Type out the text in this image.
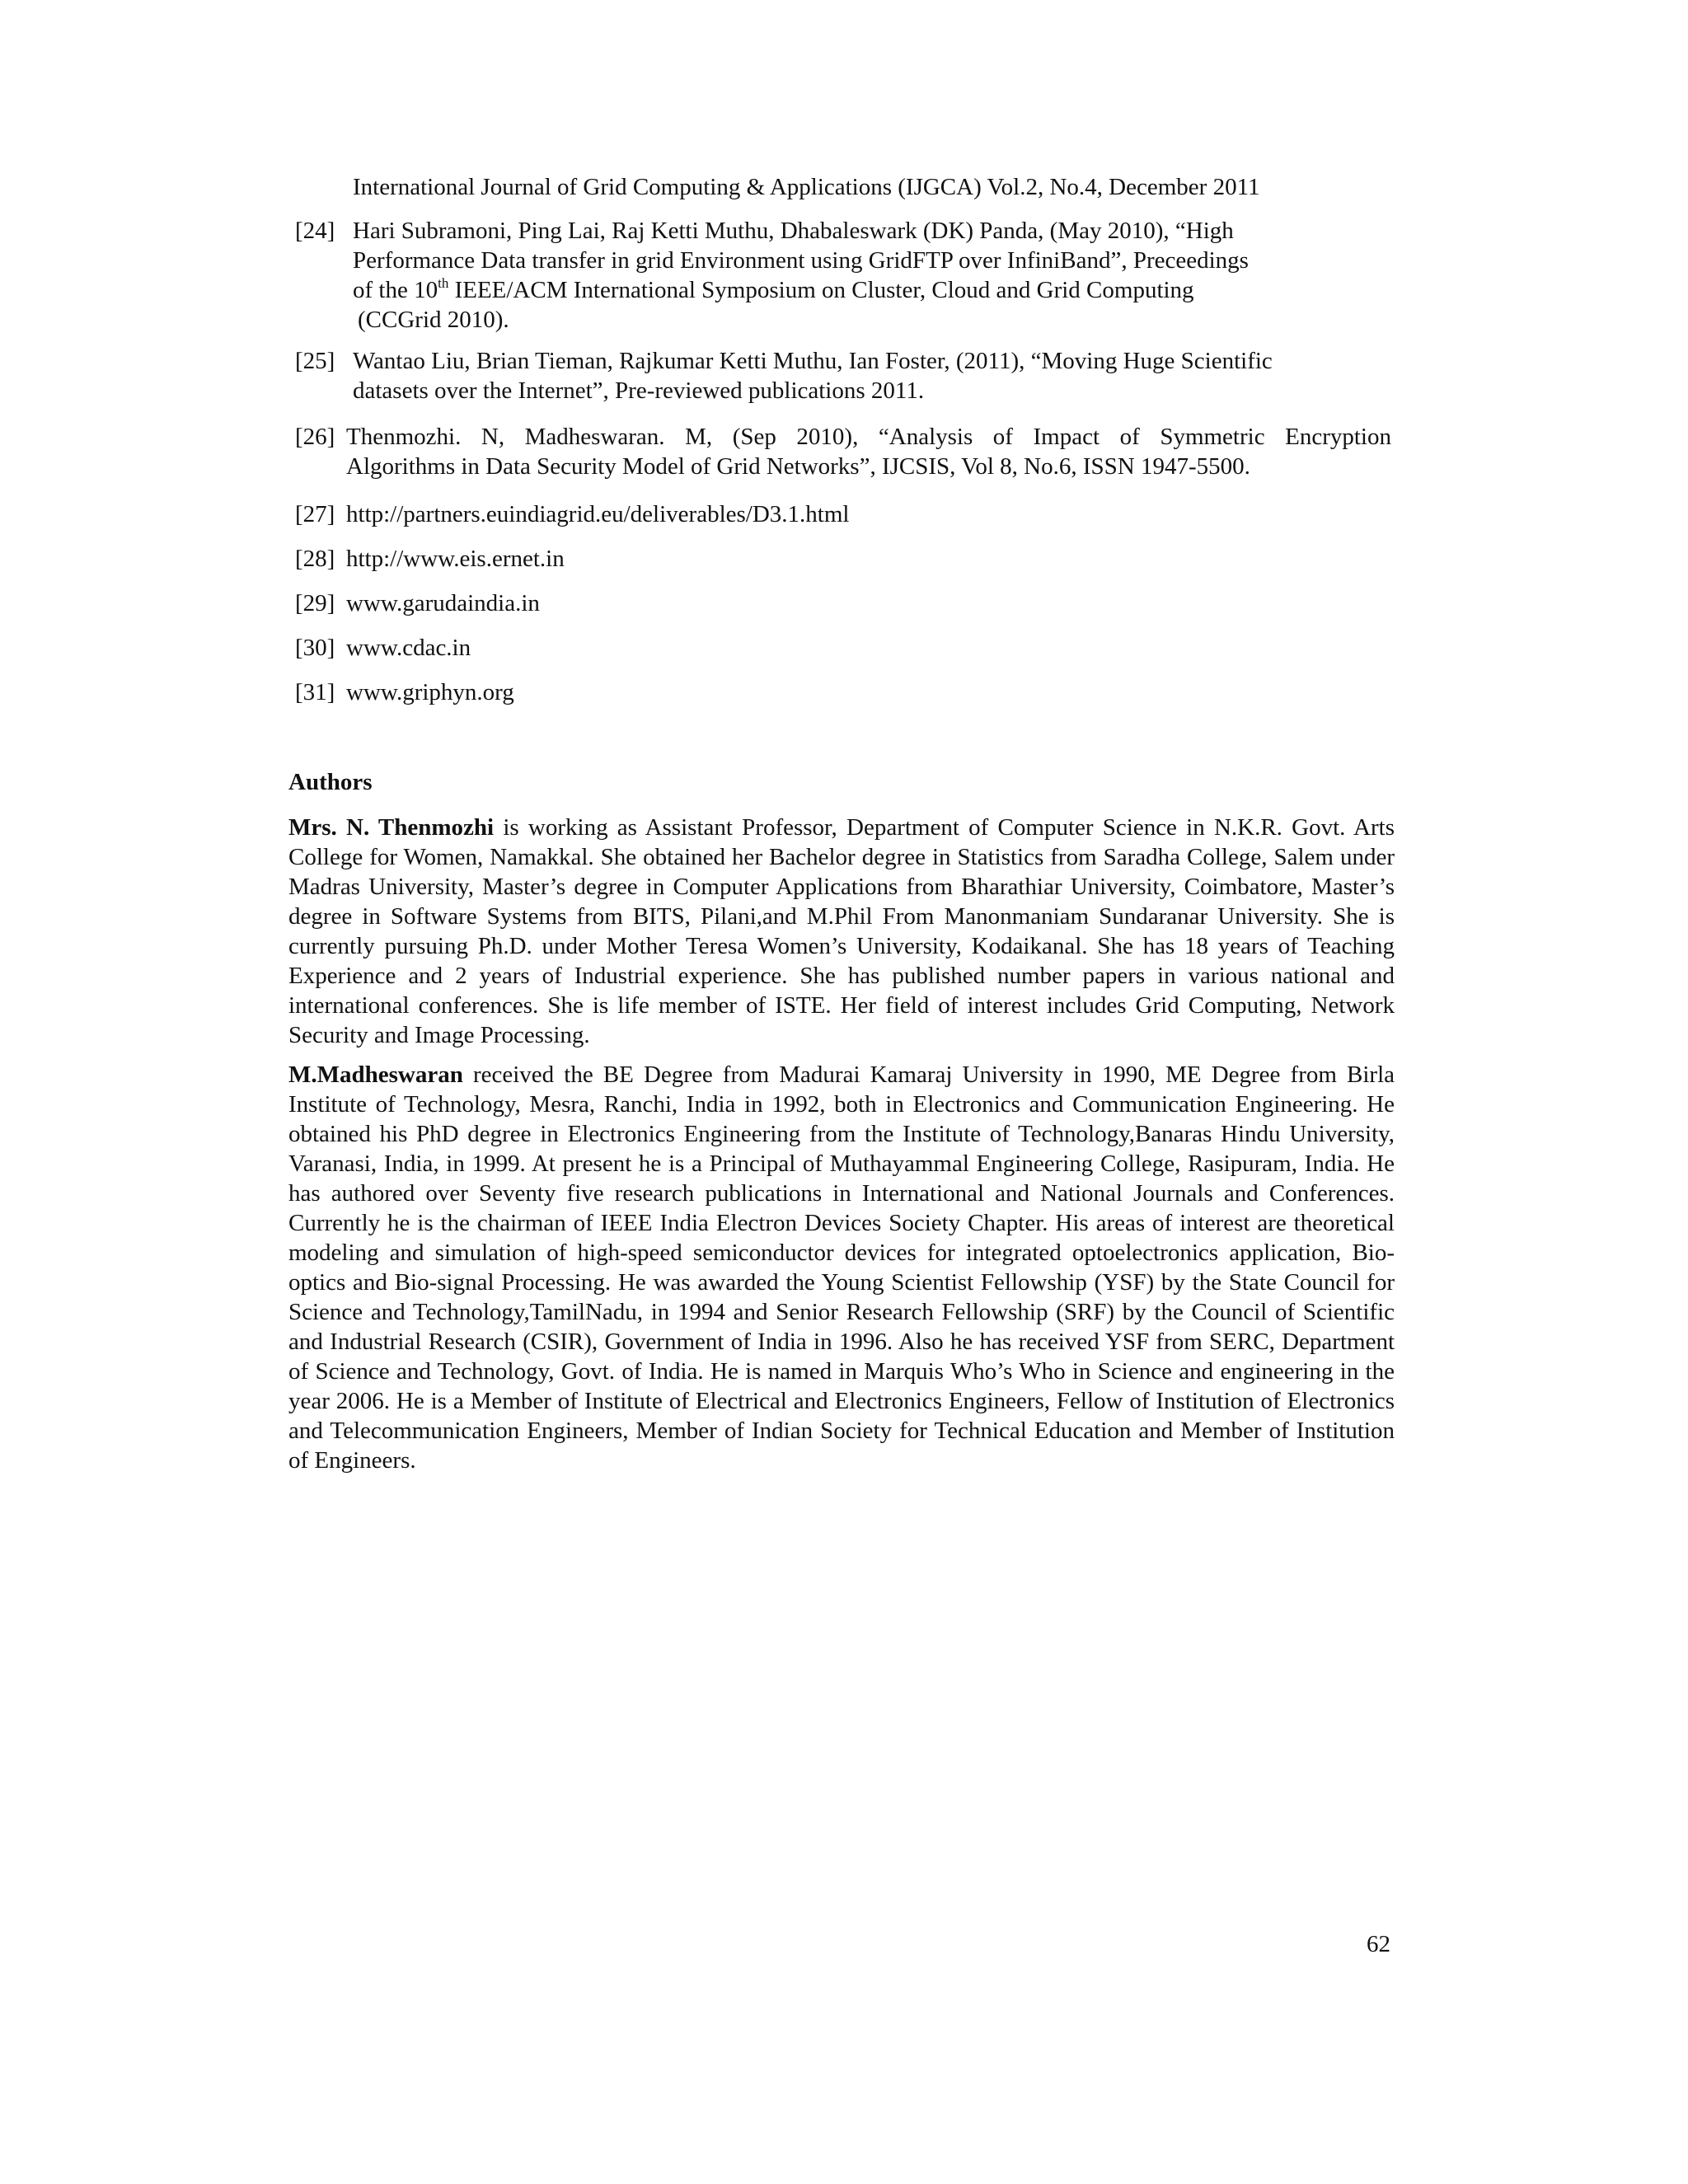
International Journal of Grid Computing & Applications (IJGCA) Vol.2, No.4, December 2011
[24] Hari Subramoni, Ping Lai, Raj Ketti Muthu, Dhabaleswark (DK) Panda, (May 2010), “High
Performance Data transfer in grid Environment using GridFTP over InfiniBand”, Preceedings
of the 10th IEEE/ACM International Symposium on Cluster, Cloud and Grid Computing
(CCGrid 2010).
[25] Wantao Liu, Brian Tieman, Rajkumar Ketti Muthu, Ian Foster, (2011), “Moving Huge Scientific
datasets over the Internet”, Pre-reviewed publications 2011.
[26] Thenmozhi. N, Madheswaran. M, (Sep 2010), “Analysis of Impact of Symmetric Encryption
Algorithms in Data Security Model of Grid Networks”, IJCSIS, Vol 8, No.6, ISSN 1947-5500.
[27] http://partners.euindiagrid.eu/deliverables/D3.1.html
[28] http://www.eis.ernet.in
[29] www.garudaindia.in
[30] www.cdac.in
[31] www.griphyn.org
Authors

Mrs. N. Thenmozhi is working as Assistant Professor, Department of Computer Science in N.K.R. Govt. Arts College for Women, Namakkal. She obtained her Bachelor degree in Statistics from Saradha College, Salem under Madras University, Master’s degree in Computer Applications from Bharathiar University, Coimbatore, Master’s degree in Software Systems from BITS, Pilani,and M.Phil From Manonmaniam Sundaranar University. She is currently pursuing Ph.D. under Mother Teresa Women’s University, Kodaikanal. She has 18 years of Teaching Experience and 2 years of Industrial experience. She has published number papers in various national and international conferences. She is life member of ISTE. Her field of interest includes Grid Computing, Network Security and Image Processing.

M.Madheswaran received the BE Degree from Madurai Kamaraj University in 1990, ME Degree from Birla Institute of Technology, Mesra, Ranchi, India in 1992, both in Electronics and Communication Engineering. He obtained his PhD degree in Electronics Engineering from the Institute of Technology,Banaras Hindu University, Varanasi, India, in 1999. At present he is a Principal of Muthayammal Engineering College, Rasipuram, India. He has authored over Seventy five research publications in International and National Journals and Conferences. Currently he is the chairman of IEEE India Electron Devices Society Chapter. His areas of interest are theoretical modeling and simulation of high-speed semiconductor devices for integrated optoelectronics application, Bio-optics and Bio-signal Processing. He was awarded the Young Scientist Fellowship (YSF) by the State Council for Science and Technology,TamilNadu, in 1994 and Senior Research Fellowship (SRF) by the Council of Scientific and Industrial Research (CSIR), Government of India in 1996. Also he has received YSF from SERC, Department of Science and Technology, Govt. of India. He is named in Marquis Who’s Who in Science and engineering in the year 2006. He is a Member of Institute of Electrical and Electronics Engineers, Fellow of Institution of Electronics and Telecommunication Engineers, Member of Indian Society for Technical Education and Member of Institution of Engineers.

62
